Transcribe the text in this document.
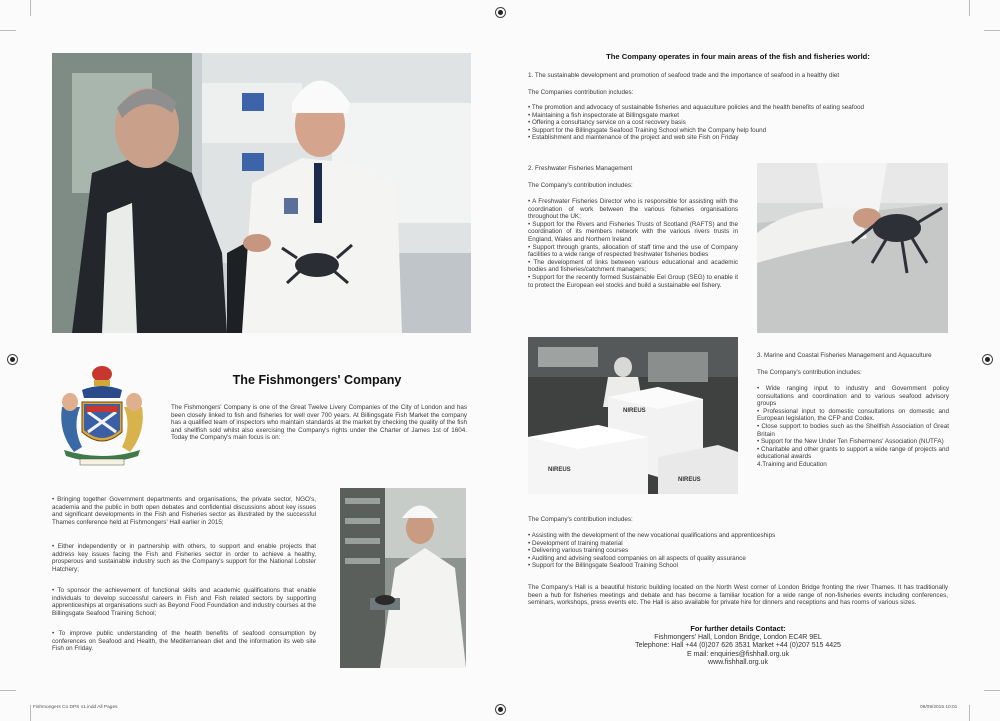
The Fishmongers' Company
The Fishmongers' Company is one of the Great Twelve Livery Companies of the City of London and has been closely linked to fish and fisheries for well over 700 years. At Billingsgate Fish Market the company has a qualified team of inspectors who maintain standards at the market by checking the quality of the fish and shellfish sold whilst also exercising the Company's rights under the Charter of James 1st of 1604. Today the Company's main focus is on:
• Bringing together Government departments and organisations, the private sector, NGO's, academia and the public in both open debates and confidential discussions about key issues and significant developments in the Fish and Fisheries sector as illustrated by the successful Thames conference held at Fishmongers' Hall earlier in 2015;
• Either independently or in partnership with others, to support and enable projects that address key issues facing the Fish and Fisheries sector in order to achieve a healthy, prosperous and sustainable industry such as the Company's support for the National Lobster Hatchery;
• To sponsor the achievement of functional skills and academic qualifications that enable individuals to develop successful careers in Fish and Fish related sectors by supporting apprenticeships at organisations such as Beyond Food Foundation and industry courses at the Billingsgate Seafood Training School;
• To improve public understanding of the health benefits of seafood consumption by conferences on Seafood and Health, the Mediterranean diet and the information its web site Fish on Friday.
Fishmongers Co DPS v1.indd All Pages
The Company operates in four main areas of the fish and fisheries world:
1. The sustainable development and promotion of seafood trade and the importance of seafood in a healthy diet
The Companies contribution includes:

• The promotion and advocacy of sustainable fisheries and aquaculture policies and the health benefits of eating seafood

• Maintaining a fish inspectorate at Billingsgate market

• Offering a consultancy service on a cost recovery basis

• Support for the Billingsgate Seafood Training School which the Company help found

• Establishment and maintenance of the project and web site Fish on Friday

2. Freshwater Fisheries Management
The Company's contribution includes:

• A Freshwater Fisheries Director who is responsible for assisting with the coordination of work between the various fisheries organisations throughout the UK;

• Support for the Rivers and Fisheries Trusts of Scotland (RAFTS) and the coordination of its members network with the various rivers trusts in England, Wales and Northern Ireland

• Support through grants, allocation of staff time and the use of Company facilities to a wide range of respected freshwater fisheries bodies

• The development of links between various educational and academic bodies and fisheries/catchment managers;

• Support for the recently formed Sustainable Eel Group (SEG) to enable it to protect the European eel stocks and build a sustainable eel fishery.

NIREUS
NIREUS
NIREUS
3. Marine and Coastal Fisheries Management and Aquaculture
The Company's contribution includes:

• Wide ranging input to industry and Government policy consultations and coordination and to various seafood advisory groups

• Professional input to domestic consultations on domestic and European legislation, the CFP and Codex.

• Close support to bodies such as the Shellfish Association of Great Britain

• Support for the New Under Ten Fishermens' Association (NUTFA)

• Charitable and other grants to support a wide range of projects and educational awards

4.Training and Education

The Company's contribution includes:

• Assisting with the development of the new vocational qualifications and apprenticeships

• Development of training material

• Delivering various training courses

• Auditing and advising seafood companies on all aspects of quality assurance

• Support for the Billingsgate Seafood Training School

The Company's Hall is a beautiful historic building located on the North West corner of London Bridge fronting the river Thames. It has traditionally been a hub for fisheries meetings and debate and has become a familiar location for a wide range of non-fisheries events including conferences, seminars, workshops, press events etc. The Hall is also available for private hire for dinners and receptions and has rooms of various sizes.
For further details Contact:
Fishmongers' Hall, London Bridge, London EC4R 9EL
Telephone: Hall +44 (0)207 626 3531 Market +44 (0)207 515 4425
E mail: enquiries@fishhall.org.uk
www.fishhall.org.uk
08/09/2015 10:01
